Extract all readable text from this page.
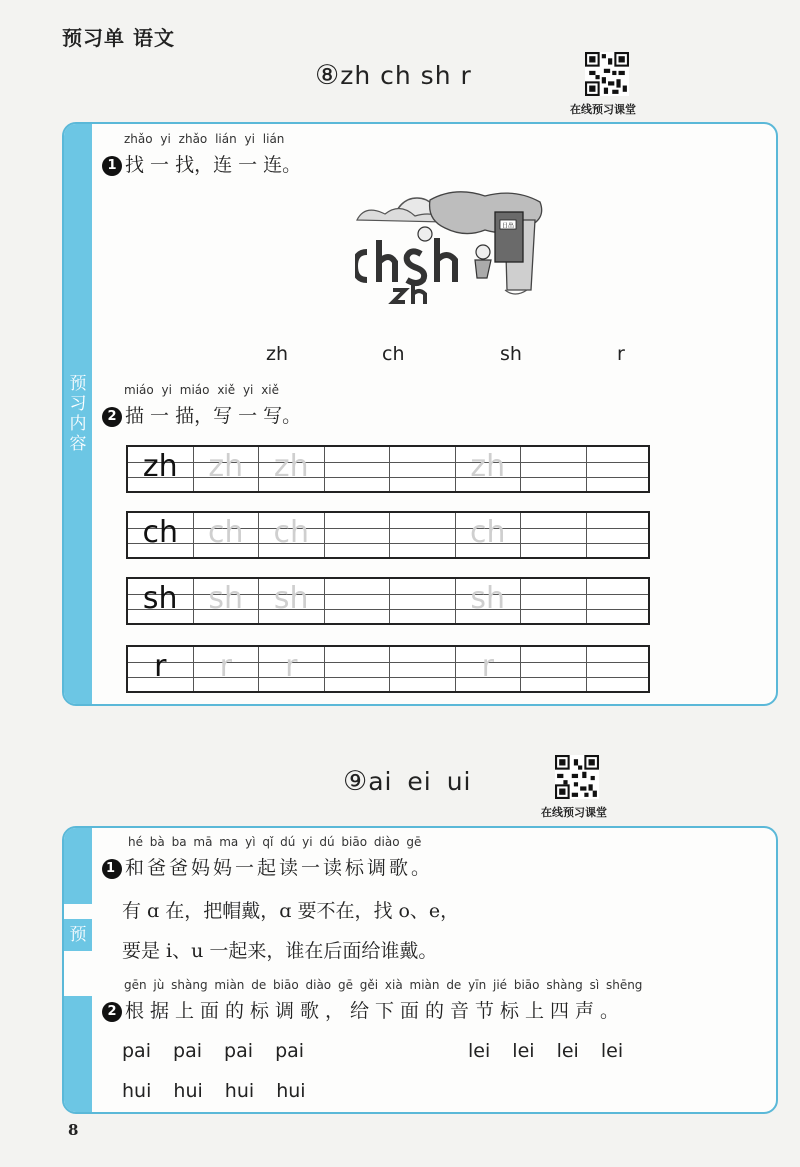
预习单 语文
⑧zh ch sh r
在线预习课堂
预
习
内
容
zhǎo yi zhǎo lián yi lián
1 找 一 找，连 一 连。
日出
zh	ch	sh	r
miáo yi miáo xiě yi xiě
2 描 一 描，写 一 写。
zh	zh	zh	zh
ch ch ch	ch
sh	sh	sh	sh
r	r	r	r
⑨ai ei ui
在线预习课堂
预
hé bà ba mā ma yì qǐ dú yi dú biāo diào gē
1 和爸爸妈妈一起读一读标调歌。
有 ɑ 在，把帽戴，ɑ 要不在，找 o、e，
要是 i、u 一起来，谁在后面给谁戴。
gēn jù shàng miàn de biāo diào gē gěi xià miàn de yīn jié biāo shàng sì shēng
2 根据上面的标调歌，给下面的音节标上四声。
pai pai pai pai	lei lei lei lei
hui hui hui hui
8
